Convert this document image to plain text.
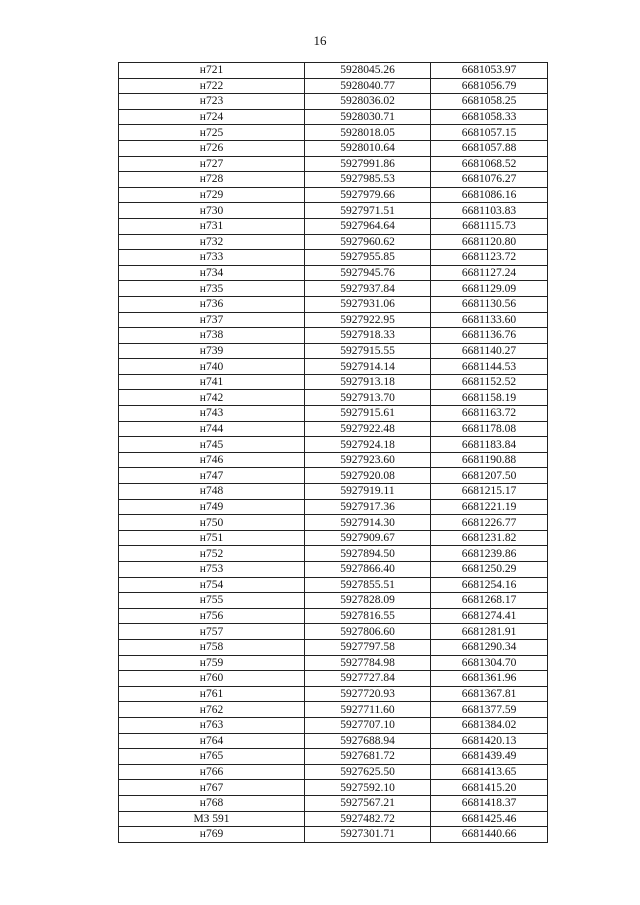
16
н721	5928045.26	6681053.97
н722	5928040.77	6681056.79
н723	5928036.02	6681058.25
н724	5928030.71	6681058.33
н725	5928018.05	6681057.15
н726	5928010.64	6681057.88
н727	5927991.86	6681068.52
н728	5927985.53	6681076.27
н729	5927979.66	6681086.16
н730	5927971.51	6681103.83
н731	5927964.64	6681115.73
н732	5927960.62	6681120.80
н733	5927955.85	6681123.72
н734	5927945.76	6681127.24
н735	5927937.84	6681129.09
н736	5927931.06	6681130.56
н737	5927922.95	6681133.60
н738	5927918.33	6681136.76
н739	5927915.55	6681140.27
н740	5927914.14	6681144.53
н741	5927913.18	6681152.52
н742	5927913.70	6681158.19
н743	5927915.61	6681163.72
н744	5927922.48	6681178.08
н745	5927924.18	6681183.84
н746	5927923.60	6681190.88
н747	5927920.08	6681207.50
н748	5927919.11	6681215.17
н749	5927917.36	6681221.19
н750	5927914.30	6681226.77
н751	5927909.67	6681231.82
н752	5927894.50	6681239.86
н753	5927866.40	6681250.29
н754	5927855.51	6681254.16
н755	5927828.09	6681268.17
н756	5927816.55	6681274.41
н757	5927806.60	6681281.91
н758	5927797.58	6681290.34
н759	5927784.98	6681304.70
н760	5927727.84	6681361.96
н761	5927720.93	6681367.81
н762	5927711.60	6681377.59
н763	5927707.10	6681384.02
н764	5927688.94	6681420.13
н765	5927681.72	6681439.49
н766	5927625.50	6681413.65
н767	5927592.10	6681415.20
н768	5927567.21	6681418.37
МЗ 591	5927482.72	6681425.46
н769	5927301.71	6681440.66
